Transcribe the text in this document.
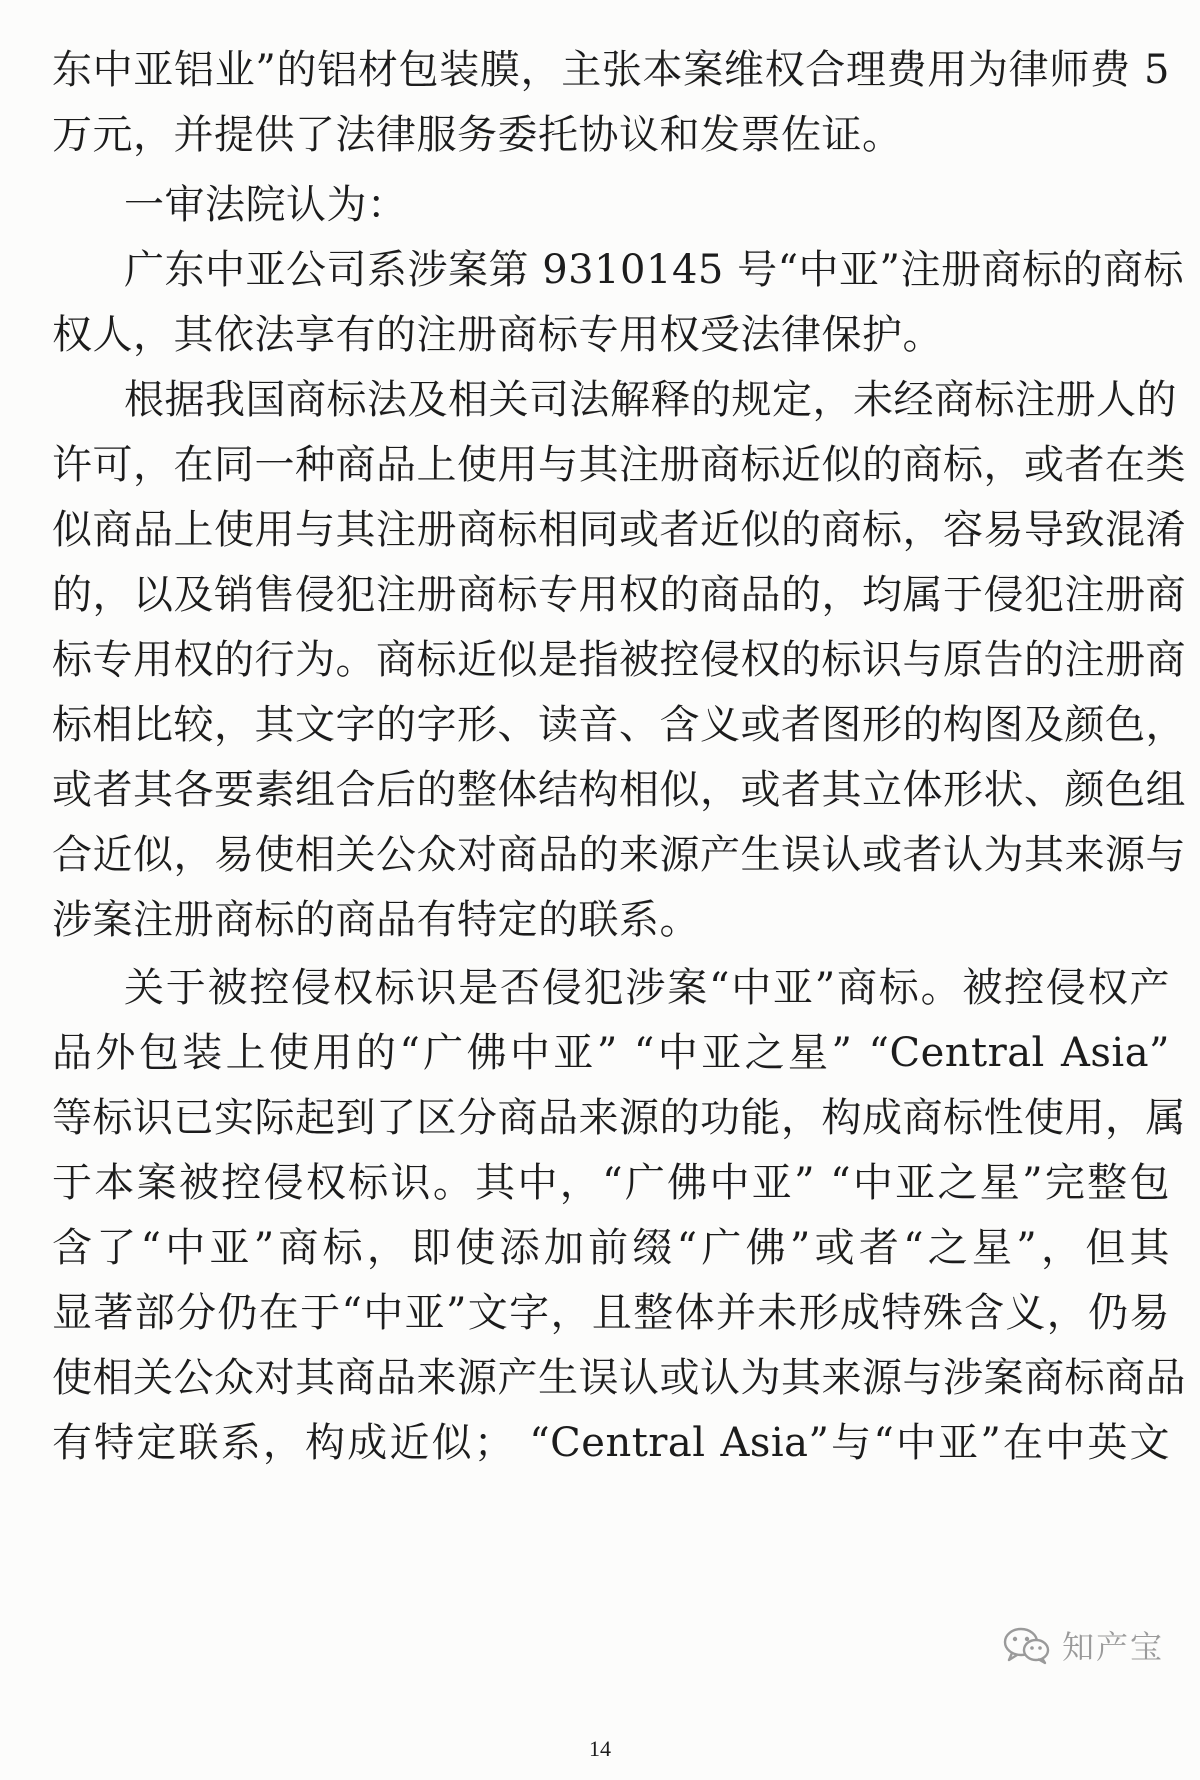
东中亚铝业”的铝材包装膜，主张本案维权合理费用为律师费 5
万元，并提供了法律服务委托协议和发票佐证。
一审法院认为：
广东中亚公司系涉案第 9310145 号“中亚”注册商标的商标
权人，其依法享有的注册商标专用权受法律保护。
根据我国商标法及相关司法解释的规定，未经商标注册人的
许可，在同一种商品上使用与其注册商标近似的商标，或者在类
似商品上使用与其注册商标相同或者近似的商标，容易导致混淆
的，以及销售侵犯注册商标专用权的商品的，均属于侵犯注册商
标专用权的行为。商标近似是指被控侵权的标识与原告的注册商
标相比较，其文字的字形、读音、含义或者图形的构图及颜色，
或者其各要素组合后的整体结构相似，或者其立体形状、颜色组
合近似，易使相关公众对商品的来源产生误认或者认为其来源与
涉案注册商标的商品有特定的联系。
关于被控侵权标识是否侵犯涉案“中亚”商标。被控侵权产
品外包装上使用的“广佛中亚” “中亚之星” “Central Asia”
等标识已实际起到了区分商品来源的功能，构成商标性使用，属
于本案被控侵权标识。其中，“广佛中亚” “中亚之星”完整包
含了“中亚”商标，即使添加前缀“广佛”或者“之星”，但其
显著部分仍在于“中亚”文字，且整体并未形成特殊含义，仍易
使相关公众对其商品来源产生误认或认为其来源与涉案商标商品
有特定联系，构成近似； “Central Asia”与“中亚”在中英文
知产宝
14
